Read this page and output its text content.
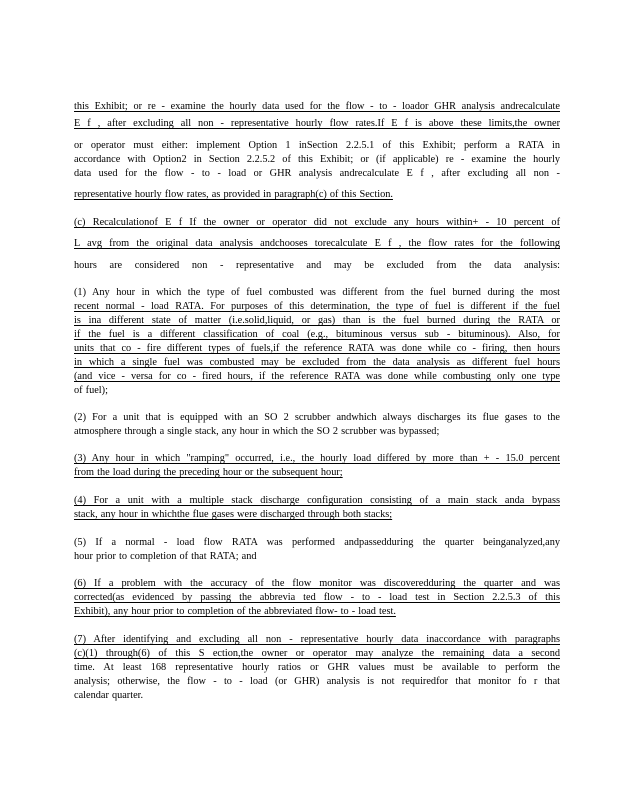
this Exhibit; or re - examine the hourly data used for the flow - to - loador GHR analysis andrecalculate
E f , after excluding all non - representative hourly flow rates.If E f is above these limits,the owner
or operator must either: implement Option 1 inSection 2.2.5.1 of this Exhibit; perform a RATA in
accordance with Option2 in Section 2.2.5.2 of this Exhibit; or (if applicable) re - examine the hourly
data used for the flow - to - load or GHR analysis andrecalculate E f , after excluding all non -
representative hourly flow rates, as provided in paragraph(c) of this Section.
(c) Recalculationof E f If the owner or operator did not exclude any hours within+ - 10 percent of
L avg from the original data analysis andchooses torecalculate E f , the flow rates for the following
hours are considered non - representative and may be excluded from the data analysis:
(1) Any hour in which the type of fuel combusted was different from the fuel burned during the most
recent normal - load RATA. For purposes of this determination, the type of fuel is different if the fuel
is ina different state of matter (i.e.solid,liquid, or gas) than is the fuel burned during the RATA or
if the fuel is a different classification of coal (e.g., bituminous versus sub - bituminous). Also, for
units that co - fire different types of fuels,if the reference RATA was done while co - firing, then hours
in which a single fuel was combusted may be excluded from the data analysis as different fuel hours
(and vice - versa for co - fired hours, if the reference RATA was done while combusting only one type
of fuel);
(2) For a unit that is equipped with an SO 2 scrubber andwhich always discharges its flue gases to the
atmosphere through a single stack, any hour in which the SO 2 scrubber was bypassed;
(3) Any hour in which "ramping" occurred, i.e., the hourly load differed by more than + - 15.0 percent
from the load during the preceding hour or the subsequent hour;
(4) For a unit with a multiple stack discharge configuration consisting of a main stack anda bypass
stack, any hour in whichthe flue gases were discharged through both stacks;
(5) If a normal - load flow RATA was performed andpassedduring the quarter beinganalyzed,any
hour prior to completion of that RATA; and
(6) If a problem with the accuracy of the flow monitor was discoveredduring the quarter and was
corrected(as evidenced by passing the abbrevia ted flow - to - load test in Section 2.2.5.3 of this
Exhibit), any hour prior to completion of the abbreviated flow- to - load test.
(7) After identifying and excluding all non - representative hourly data inaccordance with paragraphs
(c)(1) through(6) of this S ection,the owner or operator may analyze the remaining data a second
time. At least 168 representative hourly ratios or GHR values must be available to perform the
analysis; otherwise, the flow - to - load (or GHR) analysis is not requiredfor that monitor fo r that
calendar quarter.
